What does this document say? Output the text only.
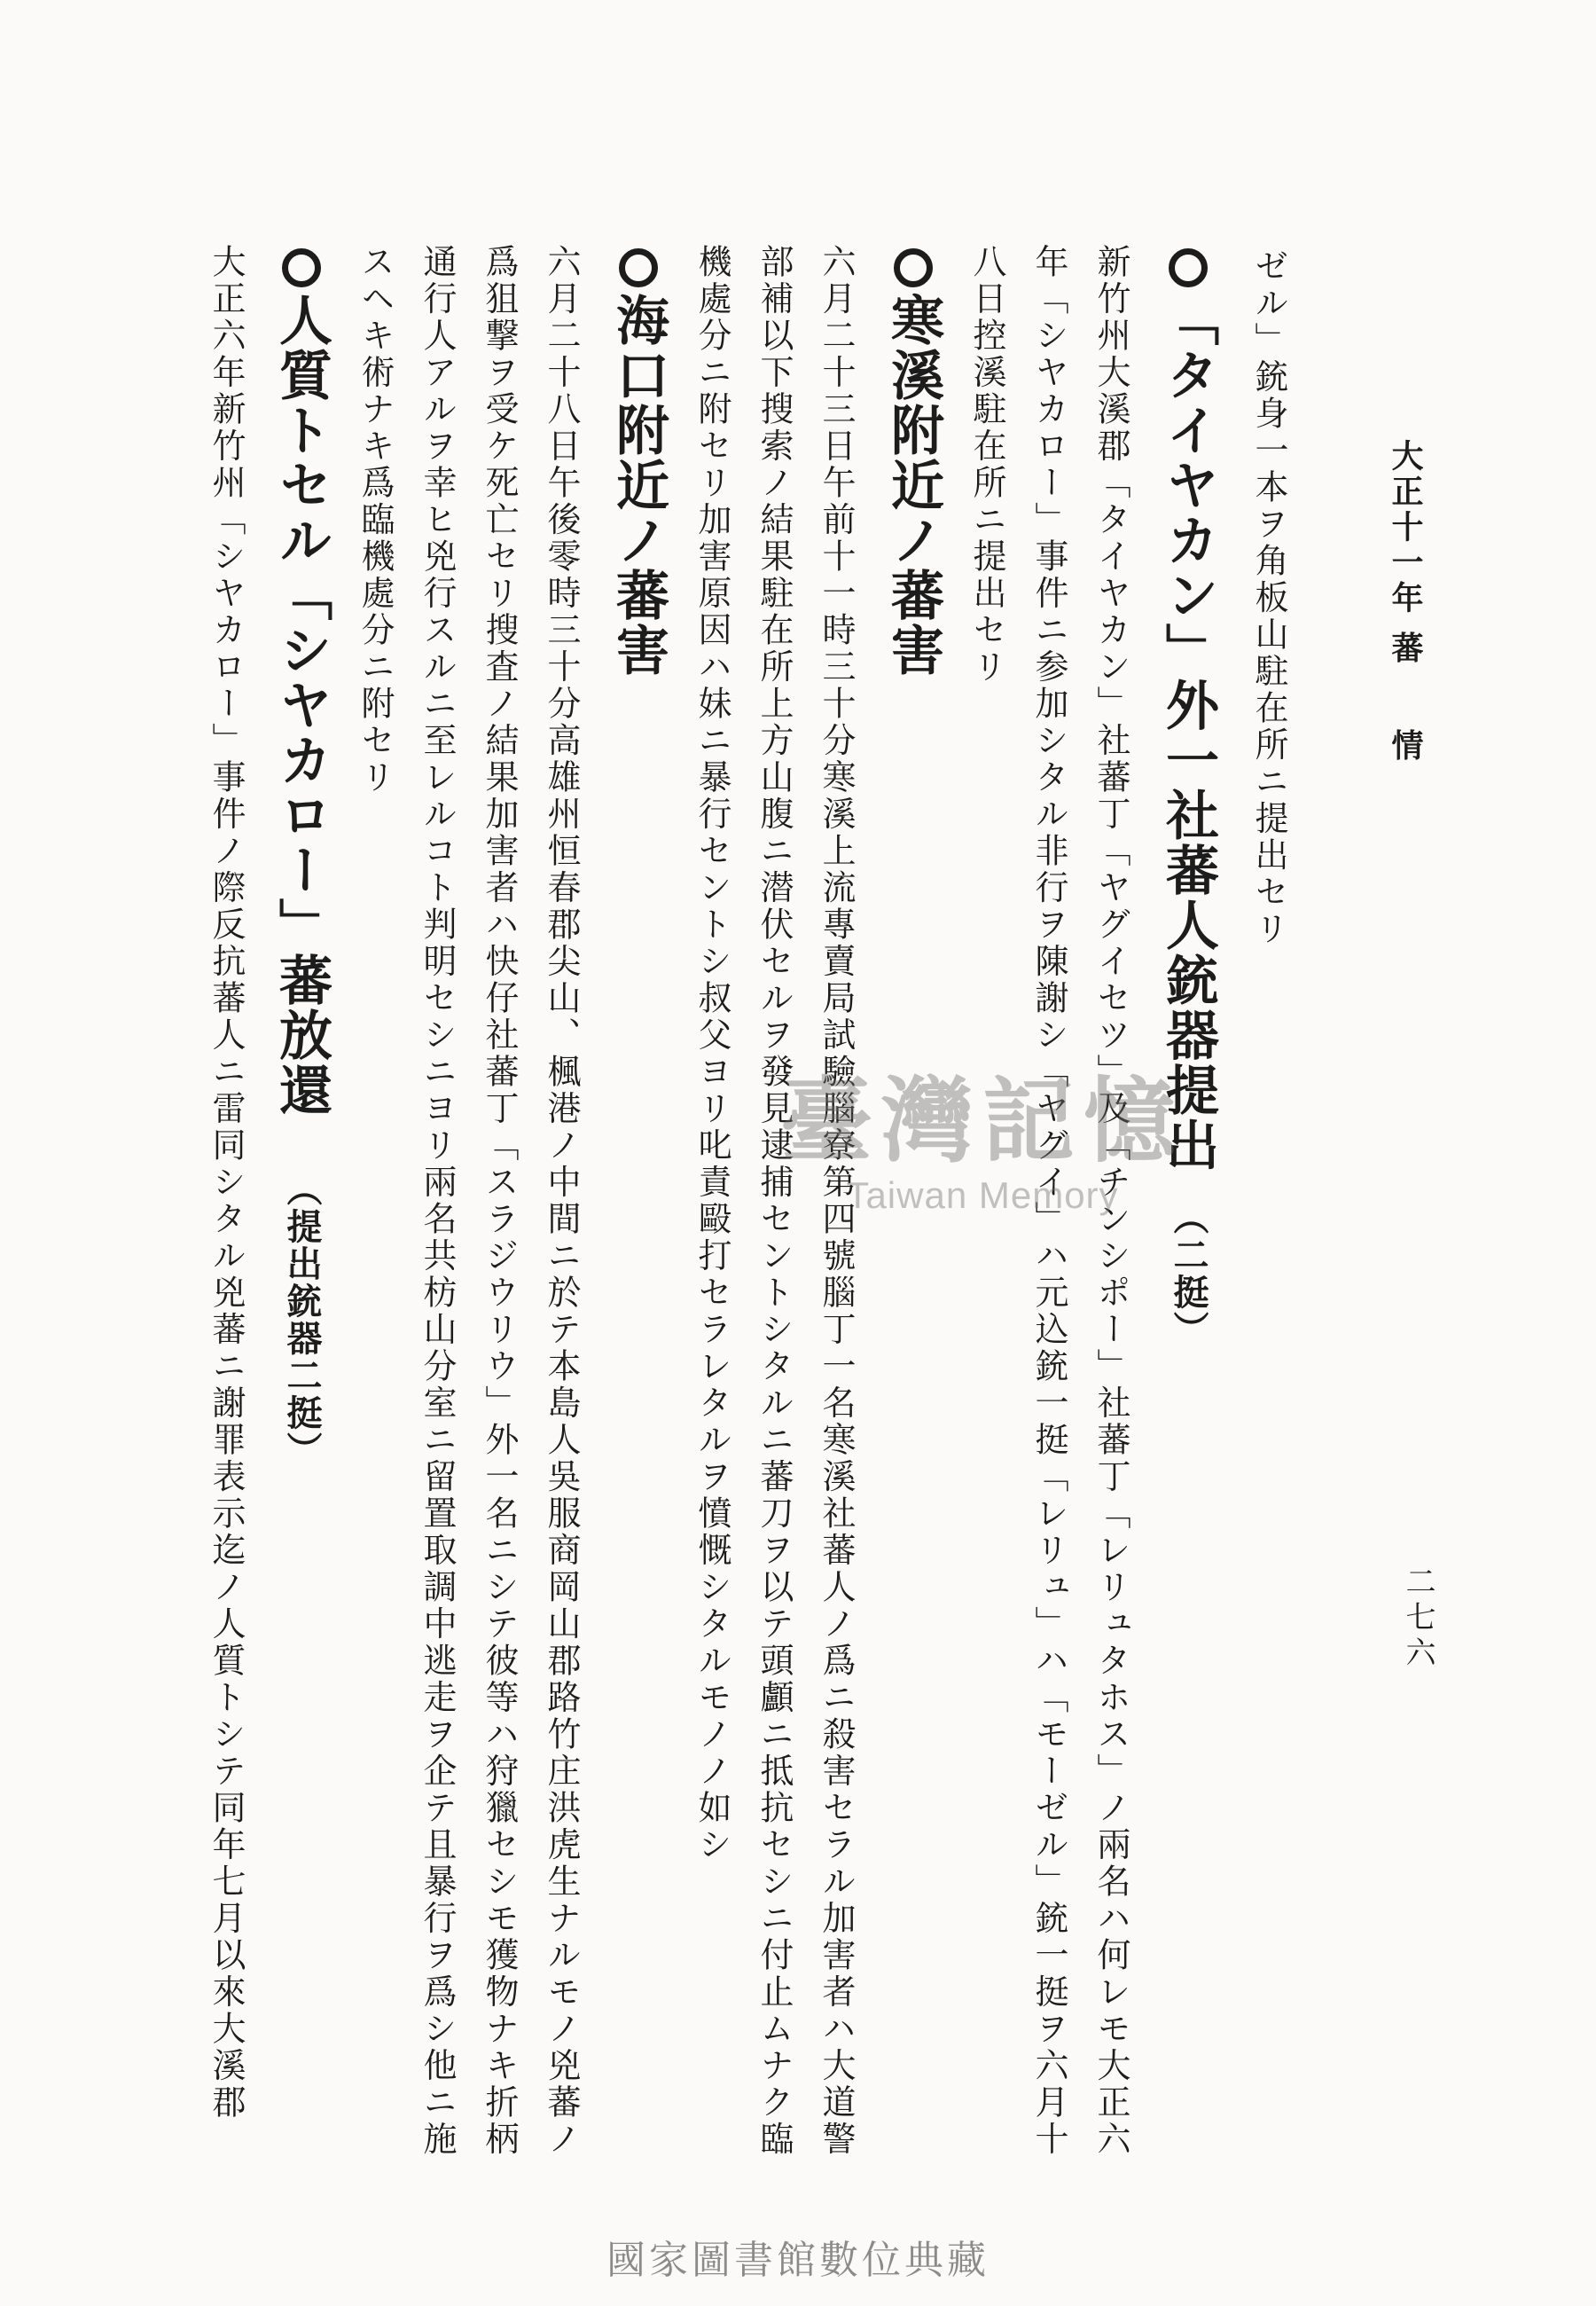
大正十一年 蕃情
二七六
ゼル」銃身一本ヲ角板山駐在所ニ提出セリ
「タイヤカン」外一社蕃人銃器提出（二挺）
新竹州大溪郡「タイヤカン」社蕃丁「ヤグイセツ」及「チンシポー」社蕃丁「レリュタホス」ノ兩名ハ何レモ大正六
年「シヤカロー」事件ニ参加シタル非行ヲ陳謝シ「ヤグイ」ハ元込銃一挺「レリュ」ハ「モーゼル」銃一挺ヲ六月十
八日控溪駐在所ニ提出セリ
寒溪附近ノ蕃害
六月二十三日午前十一時三十分寒溪上流專賣局試驗腦寮第四號腦丁一名寒溪社蕃人ノ爲ニ殺害セラル加害者ハ大道警
部補以下搜索ノ結果駐在所上方山腹ニ潜伏セルヲ發見逮捕セントシタルニ蕃刀ヲ以テ頭顱ニ抵抗セシニ付止ムナク臨
機處分ニ附セリ加害原因ハ妹ニ暴行セントシ叔父ヨリ叱責毆打セラレタルヲ憤慨シタルモノノ如シ
海口附近ノ蕃害
六月二十八日午後零時三十分高雄州恒春郡尖山、楓港ノ中間ニ於テ本島人吳服商岡山郡路竹庄洪虎生ナルモノ兇蕃ノ
爲狙撃ヲ受ケ死亡セリ搜査ノ結果加害者ハ快仔社蕃丁「スラジウリウ」外一名ニシテ彼等ハ狩獵セシモ獲物ナキ折柄
通行人アルヲ幸ヒ兇行スルニ至レルコト判明セシニヨリ兩名共枋山分室ニ留置取調中逃走ヲ企テ且暴行ヲ爲シ他ニ施
スヘキ術ナキ爲臨機處分ニ附セリ
人質トセル「シヤカロー」蕃放還（提出銃器二挺）
大正六年新竹州「シヤカロー」事件ノ際反抗蕃人ニ雷同シタル兇蕃ニ謝罪表示迄ノ人質トシテ同年七月以來大溪郡	臺灣記憶
Taiwan Memory
國家圖書館數位典藏
